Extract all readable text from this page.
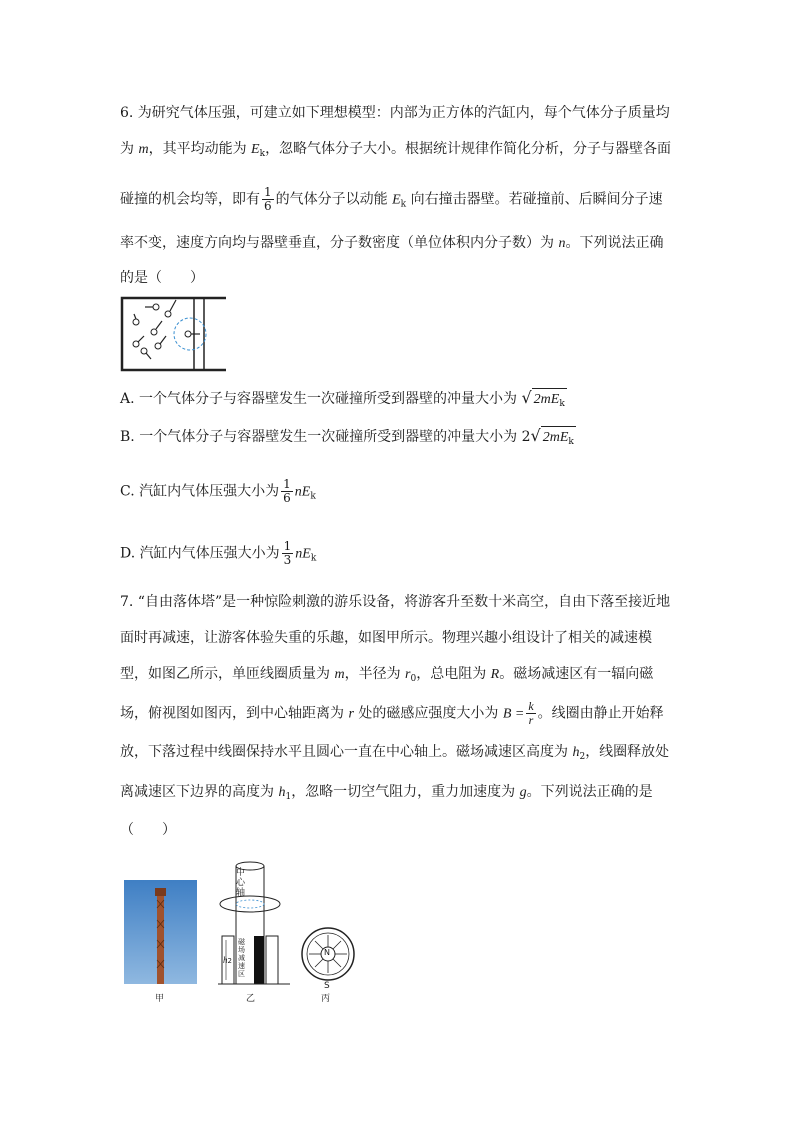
6. 为研究气体压强，可建立如下理想模型：内部为正方体的汽缸内，每个气体分子质量均
为 m，其平均动能为 $E_k$，忽略气体分子大小。根据统计规律作简化分析，分子与器壁各面
碰撞的机会均等，即有 $\frac{1}{6}$ 的气体分子以动能 $E_k$ 向右撞击器壁。若碰撞前、后瞬间分子速
率不变，速度方向均与器壁垂直，分子数密度（单位体积内分子数）为 n。下列说法正确
的是（　　）
A. 一个气体分子与容器壁发生一次碰撞所受到器壁的冲量大小为 √ $2mE_k$
B. 一个气体分子与容器壁发生一次碰撞所受到器壁的冲量大小为 2√ $2mE_k$
C. 汽缸内气体压强大小为 $\frac{1}{6} nE_k$
D. 汽缸内气体压强大小为 $\frac{1}{3} nE_k$
7. “自由落体塔”是一种惊险刺激的游乐设备，将游客升至数十米高空，自由下落至接近地
面时再减速，让游客体验失重的乐趣，如图甲所示。物理兴趣小组设计了相关的减速模
型，如图乙所示，单匝线圈质量为 m，半径为 $r_0$，总电阻为 R。磁场减速区有一辐向磁
场，俯视图如图丙，到中心轴距离为 r 处的磁感应强度大小为 $B = \frac{k}{r}$ 。线圈由静止开始释
放，下落过程中线圈保持水平且圆心一直在中心轴上。磁场减速区高度为 $h_2$，线圈释放处
离减速区下边界的高度为 $h_1$，忽略一切空气阻力，重力加速度为 g。下列说法正确的是
（　　）
甲
中心轴
h2
磁场减速区
乙
N
S
丙
